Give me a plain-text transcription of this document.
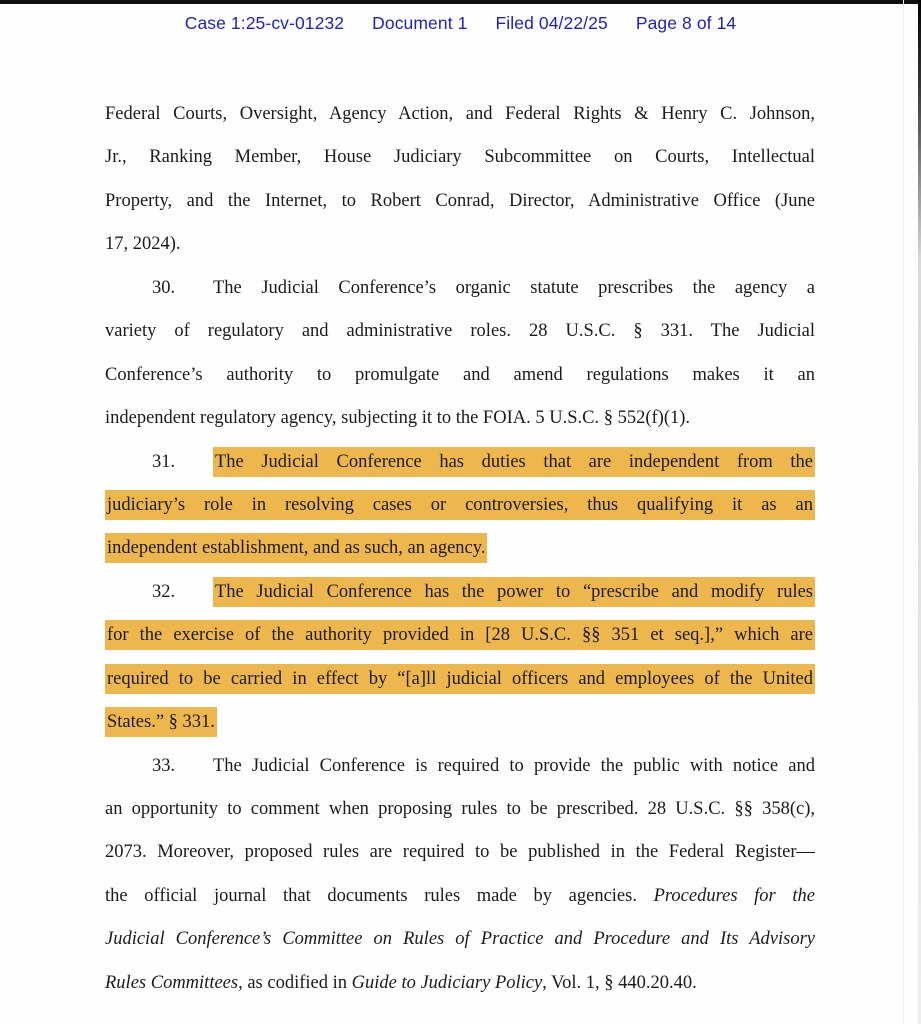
Case 1:25-cv-01232 Document 1 Filed 04/22/25 Page 8 of 14
Federal Courts, Oversight, Agency Action, and Federal Rights & Henry C. Johnson,
Jr., Ranking Member, House Judiciary Subcommittee on Courts, Intellectual
Property, and the Internet, to Robert Conrad, Director, Administrative Office (June
17, 2024).
30. The Judicial Conference’s organic statute prescribes the agency a
variety of regulatory and administrative roles. 28 U.S.C. § 331. The Judicial
Conference’s authority to promulgate and amend regulations makes it an
independent regulatory agency, subjecting it to the FOIA. 5 U.S.C. § 552(f)(1).
31. The Judicial Conference has duties that are independent from the
judiciary’s role in resolving cases or controversies, thus qualifying it as an
independent establishment, and as such, an agency.
32. The Judicial Conference has the power to “prescribe and modify rules
for the exercise of the authority provided in [28 U.S.C. §§ 351 et seq.],” which are
required to be carried in effect by “[a]ll judicial officers and employees of the United
States.” § 331.
33. The Judicial Conference is required to provide the public with notice and
an opportunity to comment when proposing rules to be prescribed. 28 U.S.C. §§ 358(c),
2073. Moreover, proposed rules are required to be published in the Federal Register—
the official journal that documents rules made by agencies. Procedures for the
Judicial Conference’s Committee on Rules of Practice and Procedure and Its Advisory
Rules Committees, as codified in Guide to Judiciary Policy, Vol. 1, § 440.20.40.
